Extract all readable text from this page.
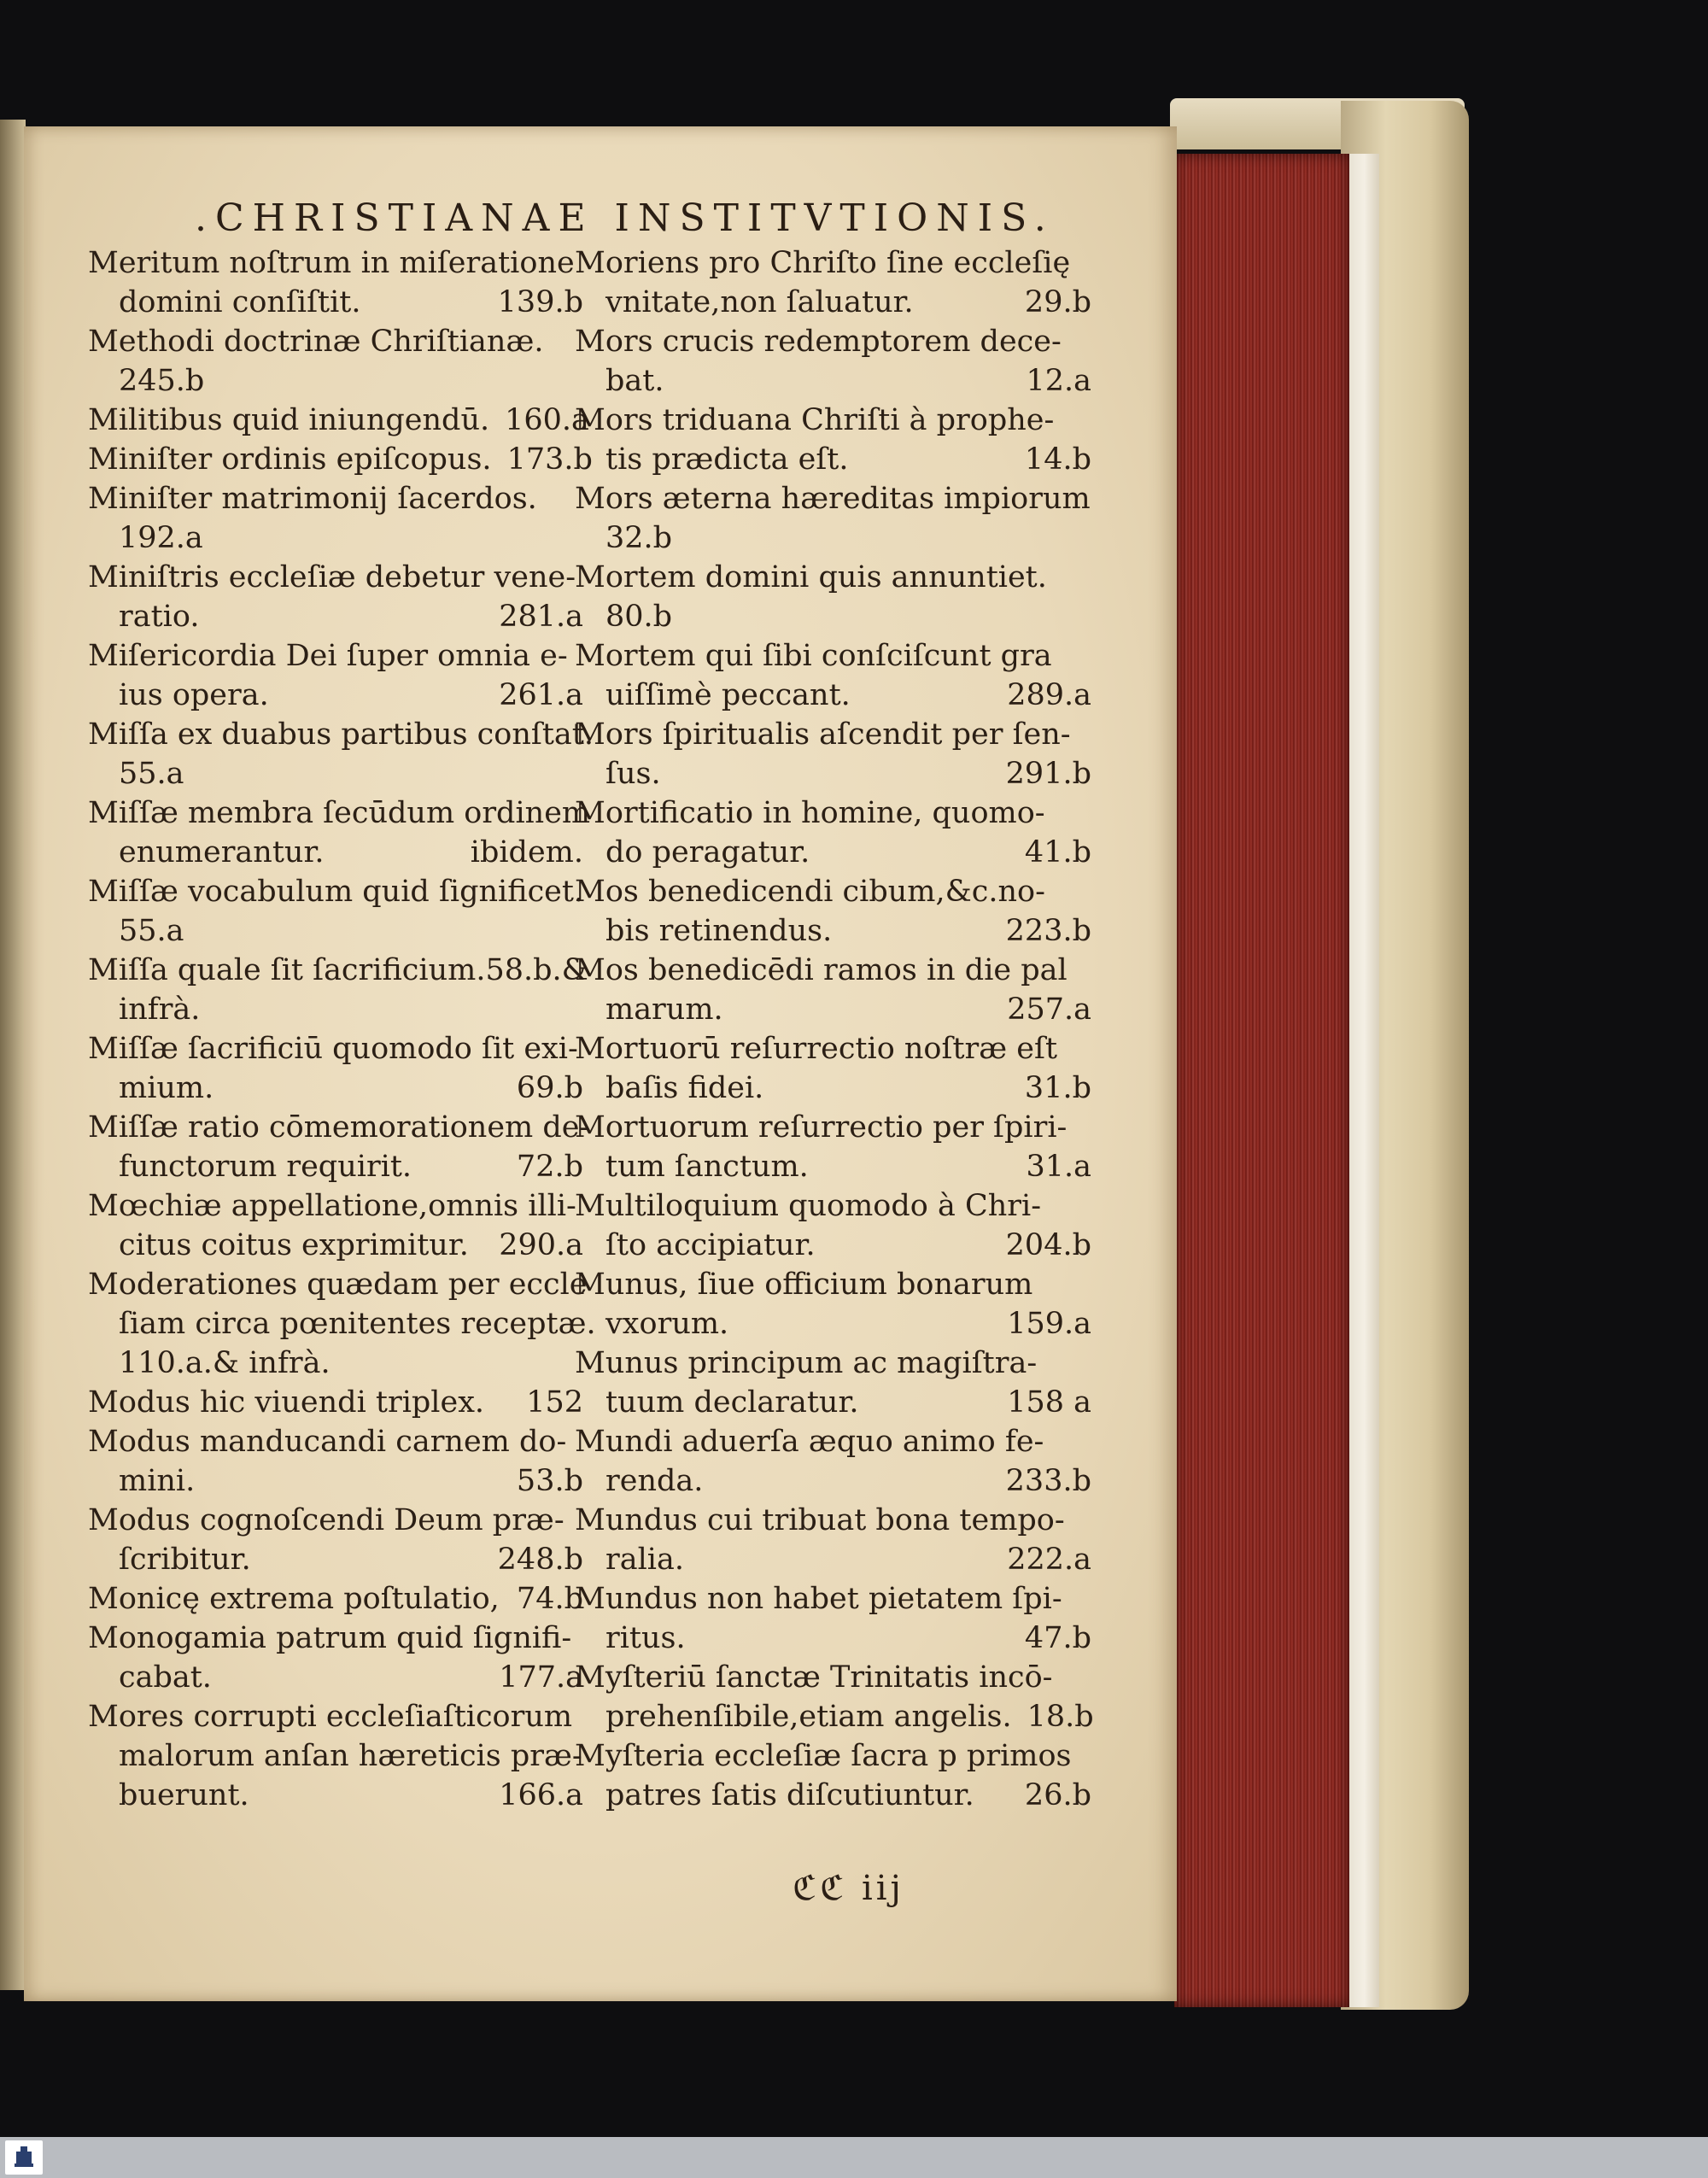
.CHRISTIANAE INSTITVTIONIS.
Meritum noſtrum in miſeratione
domini conſiſtit.	139.b
Methodi doctrinæ Chriſtianæ.
245.b
Militibus quid iniungendū. 160.a
Miniſter ordinis epiſcopus. 173.b
Miniſter matrimonij ſacerdos.
192.a
Miniſtris eccleſiæ debetur vene-
ratio.	281.a
Miſericordia Dei ſuper omnia e-
ius opera.	261.a
Miſſa ex duabus partibus conſtat.
55.a
Miſſæ membra ſecūdum ordinem
enumerantur.	ibidem.
Miſſæ vocabulum quid ſignificet.
55.a
Miſſa quale ſit ſacrificium.58.b.&
infrà.
Miſſæ ſacrificiū quomodo ſit exi-
mium.	69.b
Miſſæ ratio cōmemorationem de-
functorum requirit.	72.b
Mœchiæ appellatione,omnis illi-
citus coitus exprimitur. 290.a
Moderationes quædam per eccle
ſiam circa pœnitentes receptæ.
110.a.& infrà.
Modus hic viuendi triplex. 152
Modus manducandi carnem do-
mini.	53.b
Modus cognoſcendi Deum præ-
ſcribitur.	248.b
Monicę extrema poſtulatio, 74.b
Monogamia patrum quid ſignifi-
cabat.	177.a
Mores corrupti eccleſiaſticorum
malorum anſan hæreticis præ-
buerunt.	166.a
Moriens pro Chriſto ſine eccleſię
vnitate,non ſaluatur.	29.b
Mors crucis redemptorem dece-
bat.	12.a
Mors triduana Chriſti à prophe-
tis prædicta eſt.	14.b
Mors æterna hæreditas impiorum
32.b
Mortem domini quis annuntiet.
80.b
Mortem qui ſibi conſciſcunt gra
uiſſimè peccant.	289.a
Mors ſpiritualis aſcendit per ſen-
ſus.	291.b
Mortificatio in homine, quomo-
do peragatur.	41.b
Mos benedicendi cibum,&c.no-
bis retinendus.	223.b
Mos benedicēdi ramos in die pal
marum.	257.a
Mortuorū reſurrectio noſtræ eſt
baſis fidei.	31.b
Mortuorum reſurrectio per ſpiri-
tum ſanctum.	31.a
Multiloquium quomodo à Chri-
ſto accipiatur.	204.b
Munus, ſiue officium bonarum
vxorum.	159.a
Munus principum ac magiſtra-
tuum declaratur.	158 a
Mundi aduerſa æquo animo fe-
renda.	233.b
Mundus cui tribuat bona tempo-
ralia.	222.a
Mundus non habet pietatem ſpi-
ritus.	47.b
Myſteriū ſanctæ Trinitatis incō-
prehenſibile,etiam angelis. 18.b
Myſteria eccleſiæ ſacra p primos
patres ſatis diſcutiuntur. 26.b
ℭℭ iij
